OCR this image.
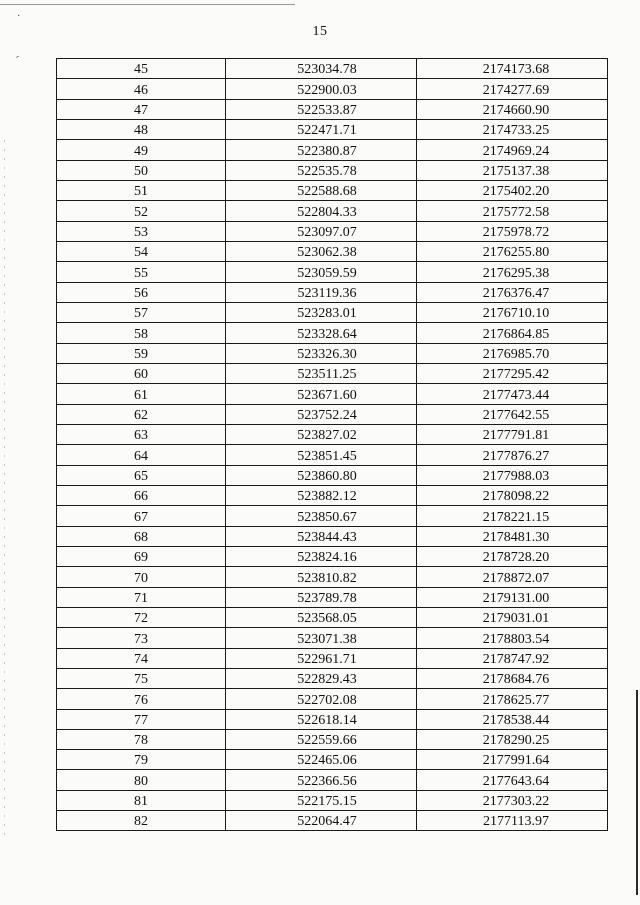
·
-
15
45	523034.78	2174173.68

46	522900.03	2174277.69

47	522533.87	2174660.90

48	522471.71	2174733.25

49	522380.87	2174969.24

50	522535.78	2175137.38

51	522588.68	2175402.20

52	522804.33	2175772.58

53	523097.07	2175978.72

54	523062.38	2176255.80

55	523059.59	2176295.38

56	523119.36	2176376.47

57	523283.01	2176710.10

58	523328.64	2176864.85

59	523326.30	2176985.70

60	523511.25	2177295.42

61	523671.60	2177473.44

62	523752.24	2177642.55

63	523827.02	2177791.81

64	523851.45	2177876.27

65	523860.80	2177988.03

66	523882.12	2178098.22

67	523850.67	2178221.15

68	523844.43	2178481.30

69	523824.16	2178728.20

70	523810.82	2178872.07

71	523789.78	2179131.00

72	523568.05	2179031.01

73	523071.38	2178803.54

74	522961.71	2178747.92

75	522829.43	2178684.76

76	522702.08	2178625.77

77	522618.14	2178538.44

78	522559.66	2178290.25

79	522465.06	2177991.64

80	522366.56	2177643.64

81	522175.15	2177303.22

82	522064.47	2177113.97
